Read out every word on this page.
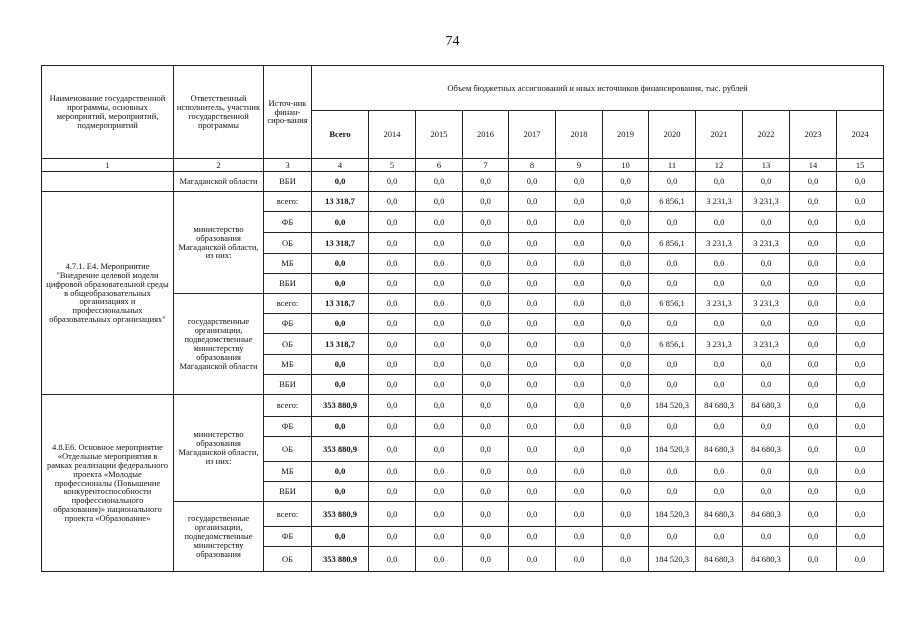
74
Наименование государственной программы, основных мероприятий, мероприятий, подмероприятий	Ответственный исполнитель, участник государственной программы	Источ-ник финан-сиро-вания	Объем бюджетных ассигнований и иных источников финансирования, тыс. рублей											
			Всего	2014	2015	2016	2017	2018	2019	2020	2021	2022	2023	2024
1	2	3	4	5	6	7	8	9	10	11	12	13	14	15
	Магаданской области	ВБИ	0,0	0,0	0,0	0,0	0,0	0,0	0,0	0,0	0,0	0,0	0,0	0,0
4.7.1. Е4. Мероприятие "Внедрение целевой модели цифровой образовательной среды в общеобразовательных организациях и профессиональных образовательных организациях"	министерство образования Магаданской области, из них:	всего:	13 318,7	0,0	0,0	0,0	0,0	0,0	0,0	6 856,1	3 231,3	3 231,3	0,0	0,0
		ФБ	0,0	0,0	0,0	0,0	0,0	0,0	0,0	0,0	0,0	0,0	0,0	0,0
		ОБ	13 318,7	0,0	0,0	0,0	0,0	0,0	0,0	6 856,1	3 231,3	3 231,3	0,0	0,0
		МБ	0,0	0,0	0,0	0,0	0,0	0,0	0,0	0,0	0,0	0,0	0,0	0,0
		ВБИ	0,0	0,0	0,0	0,0	0,0	0,0	0,0	0,0	0,0	0,0	0,0	0,0
	государственные организации, подведомственные министерству образования Магаданской области	всего:	13 318,7	0,0	0,0	0,0	0,0	0,0	0,0	6 856,1	3 231,3	3 231,3	0,0	0,0
		ФБ	0,0	0,0	0,0	0,0	0,0	0,0	0,0	0,0	0,0	0,0	0,0	0,0
		ОБ	13 318,7	0,0	0,0	0,0	0,0	0,0	0,0	6 856,1	3 231,3	3 231,3	0,0	0,0
		МБ	0,0	0,0	0,0	0,0	0,0	0,0	0,0	0,0	0,0	0,0	0,0	0,0
		ВБИ	0,0	0,0	0,0	0,0	0,0	0,0	0,0	0,0	0,0	0,0	0,0	0,0
4.8.Е6. Основное мероприятие «Отдельные мероприятия в рамках реализации федерального проекта «Молодые профессионалы (Повышение конкурентоспособности профессионального образования)» национального проекта «Образование»	министерство образования Магаданской области, из них:	всего:	353 880,9	0,0	0,0	0,0	0,0	0,0	0,0	184 520,3	84 680,3	84 680,3	0,0	0,0
		ФБ	0,0	0,0	0,0	0,0	0,0	0,0	0,0	0,0	0,0	0,0	0,0	0,0
		ОБ	353 880,9	0,0	0,0	0,0	0,0	0,0	0,0	184 520,3	84 680,3	84 680,3	0,0	0,0
		МБ	0,0	0,0	0,0	0,0	0,0	0,0	0,0	0,0	0,0	0,0	0,0	0,0
		ВБИ	0,0	0,0	0,0	0,0	0,0	0,0	0,0	0,0	0,0	0,0	0,0	0,0
	государственные организации, подведомственные министерству образования	всего:	353 880,9	0,0	0,0	0,0	0,0	0,0	0,0	184 520,3	84 680,3	84 680,3	0,0	0,0
		ФБ	0,0	0,0	0,0	0,0	0,0	0,0	0,0	0,0	0,0	0,0	0,0	0,0
		ОБ	353 880,9	0,0	0,0	0,0	0,0	0,0	0,0	184 520,3	84 680,3	84 680,3	0,0	0,0
